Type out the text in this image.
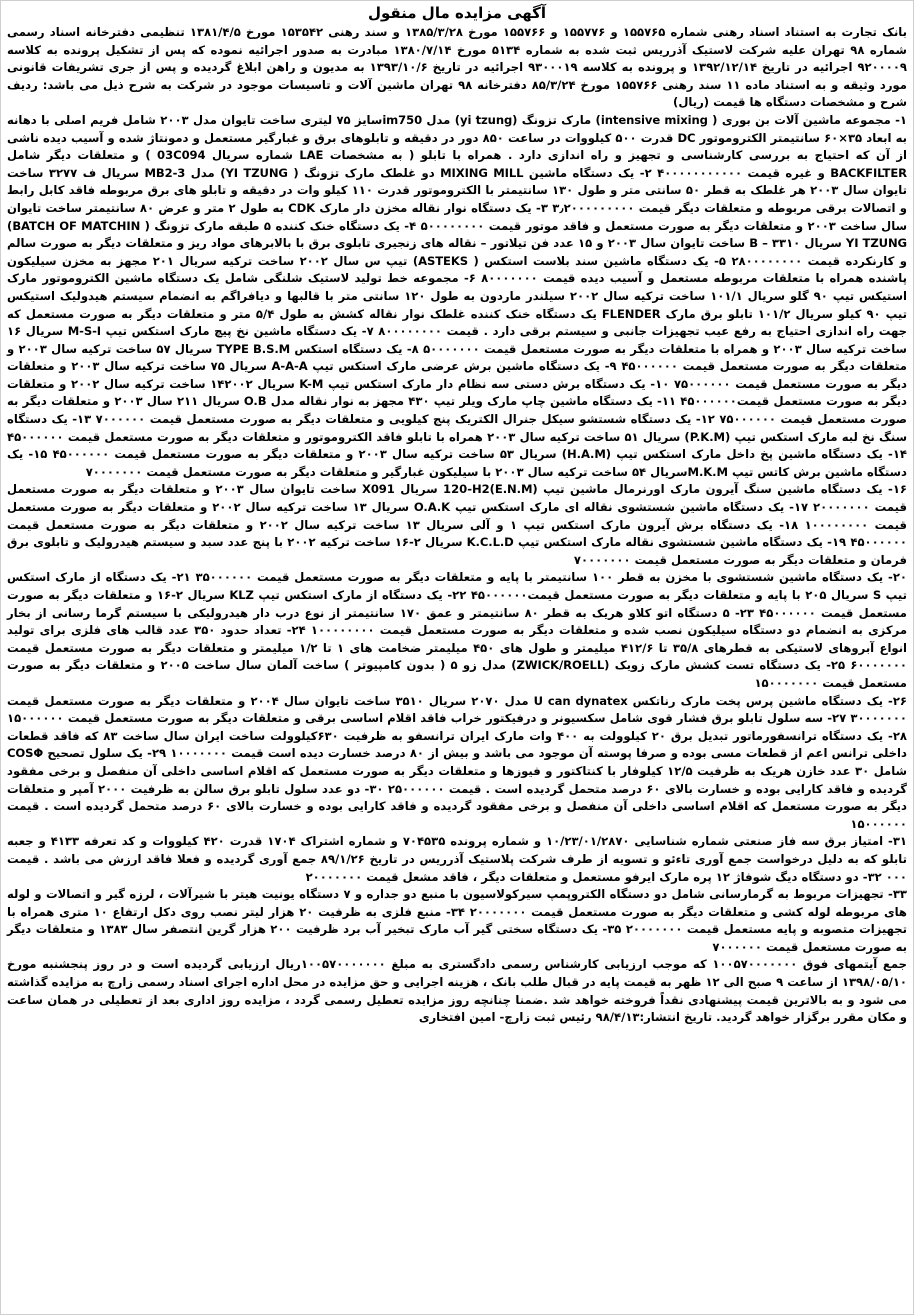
آگهی مزایده مال منقول

بانک تجارت به استناد اسناد رهنی شماره ۱۵۵۷۶۵ و ۱۵۵۷۷۶ و ۱۵۵۷۶۶ مورخ ۱۳۸۵/۳/۲۸ و سند رهنی ۱۵۳۵۴۲ مورخ ۱۳۸۱/۴/۵ تنظیمی دفترخانه اسناد رسمی شماره ۹۸ تهران علیه شرکت لاستیک آذرریس ثبت شده به شماره ۵۱۳۴ مورخ ۱۳۸۰/۷/۱۴ مبادرت به صدور اجرائیه نموده که پس از تشکیل پرونده به کلاسه ۹۲۰۰۰۰۹ اجرائیه در تاریخ ۱۳۹۲/۱۲/۱۴ و پرونده به کلاسه ۹۳۰۰۰۱۹ اجرائیه در تاریخ ۱۳۹۳/۱۰/۶ به مدیون و راهن ابلاغ گردیده و پس از جری تشریفات قانونی مورد وثیقه و به استناد ماده ۱۱ سند رهنی ۱۵۵۷۶۶ مورخ ۸۵/۳/۲۴ دفترخانه ۹۸ تهران ماشین آلات و تاسیسات موجود در شرکت به شرح ذیل می باشد: ردیف شرح و مشخصات دستگاه ها قیمت (ریال)

۱- مجموعه ماشین آلات بن بوری ( intensive mixing) مارک تزونگ (yi tzung) مدل im750سایز ۷۵ لیتری ساخت تایوان مدل ۲۰۰۳ شامل فریم اصلی با دهانه به ابعاد ۳۵×۶۰ سانتیمتر الکتروموتور DC قدرت ۵۰۰ کیلووات در ساعت ۸۵۰ دور در دقیقه و تابلوهای برق و غبارگیر مستعمل و دمونتاژ شده و آسیب دیده ناشی از آن که احتیاج به بررسی کارشناسی و تجهیز و راه اندازی دارد . همراه با تابلو ( به مشخصات LAE شماره سریال 03C094 ) و متعلقات دیگر شامل BACKFILTER و غیره قیمت ۴۰۰۰۰۰۰۰۰۰۰۰ ۲- یک دستگاه ماشین MIXING MILL دو غلطک مارک تزونگ ( YI TZUNG) مدل MB2-3 سریال ف ۳۲۷۷ ساخت تایوان سال ۲۰۰۳ هر غلطک به قطر ۵۰ سانتی متر و طول ۱۳۰ سانتیمتر با الکتروموتور قدرت ۱۱۰ کیلو وات در دقیقه و تابلو های برق مربوطه فاقد کابل رابط و اتصالات برقی مربوطه و متعلقات دیگر قیمت ۳٫۲۰۰۰۰۰۰۰۰۰ ۳- یک دستگاه نوار نقاله مخزن دار مارک CDK به طول ۲ متر و عرض ۸۰ سانتیمتر ساخت تایوان سال ساخت ۲۰۰۳ و متعلقات دیگر به صورت مستعمل و فاقد موتور قیمت ۵۰۰۰۰۰۰۰۰ ۴- یک دستگاه خنک کننده ۵ طبقه مارک تزونگ ( BATCH OF MATCHIN) YI TZUNG سریال B – ۳۳۱۰ ساخت تایوان سال ۲۰۰۳ و ۱۵ عدد فن تیلاتور – نقاله های زنجیری تابلوی برق با بالابرهای مواد ریز و متعلقات دیگر به صورت سالم و کارنکرده قیمت ۲۸۰۰۰۰۰۰۰۰ ۵- یک دستگاه ماشین سند بلاست استکس ( ASTEKS) تیپ س سال ۲۰۰۲ ساخت ترکیه سریال ۲۰۱ مجهز به مخزن سیلیکون پاشنده همراه با متعلقات مربوطه مستعمل و آسیب دیده قیمت ۸۰۰۰۰۰۰۰ ۶- مجموعه خط تولید لاستیک شلنگی شامل یک دستگاه ماشین الکتروموتور مارک استیکس تیپ ۹۰ گلو سریال ۱۰۱/۱ ساخت ترکیه سال ۲۰۰۲ سیلندر ماردون به طول ۱۲۰ سانتی متر با قالبها و دیافراگم به انضمام سیستم هیدولیک استیکس تیپ ۹۰ کیلو سریال ۱۰۱/۲ تابلو برق مارک FLENDER یک دستگاه خنک کننده غلطک نوار نقاله کشش به طول ۵/۴ متر و متعلقات دیگر به صورت مستعمل که جهت راه اندازی احتیاج به رفع عیب تجهیزات جانبی و سیستم برقی دارد . قیمت ۸۰۰۰۰۰۰۰۰ ۷- یک دستگاه ماشین نخ پیچ مارک استکس تیپ M-S-I سریال ۱۶ ساخت ترکیه سال ۲۰۰۳ و همراه با متعلقات دیگر به صورت مستعمل قیمت ۵۰۰۰۰۰۰۰ ۸- یک دستگاه استکس TYPE B.S.M سریال ۵۷ ساخت ترکیه سال ۲۰۰۳ و متعلقات دیگر به صورت مستعمل قیمت ۴۵۰۰۰۰۰۰ ۹- یک دستگاه ماشین برش عرضی مارک استکس تیپ A-A-A سریال ۷۵ ساخت ترکیه سال ۲۰۰۳ و متعلقات دیگر به صورت مستعمل قیمت ۷۵۰۰۰۰۰۰ ۱۰- یک دستگاه برش دستی سه نظام دار مارک استکس تیپ K-M سریال ۱۴۲۰۰۲ ساخت ترکیه سال ۲۰۰۲ و متعلقات دیگر به صورت مستعمل قیمت۴۵۰۰۰۰۰۰ ۱۱- یک دستگاه ماشین چاپ مارک ویلر تیپ ۴۳۰ مجهز به نوار نقاله مدل O.B سریال ۲۱۱ سال ۲۰۰۳ و متعلقات دیگر به صورت مستعمل قیمت ۷۵۰۰۰۰۰۰ ۱۲- یک دستگاه شستشو سیکل جنرال الکتریک پنج کیلویی و متعلقات دیگر به صورت مستعمل قیمت ۷۰۰۰۰۰۰ ۱۳- یک دستگاه سنگ نخ لبه مارک استکس تیپ (P.K.M) سریال ۵۱ ساخت ترکیه سال ۲۰۰۳ همراه با تابلو فاقد الکتروموتور و متعلقات دیگر به صورت مستعمل قیمت ۴۵۰۰۰۰۰۰ ۱۴- یک دستگاه ماشین پخ داخل مارک استکس تیپ (H.A.M) سریال ۵۳ ساخت ترکیه سال ۲۰۰۳ و متعلقات دیگر به صورت مستعمل قیمت ۴۵۰۰۰۰۰۰ ۱۵- یک دستگاه ماشین برش کاتس تیپ M.K.Mسریال ۵۴ ساخت ترکیه سال ۲۰۰۳ با سیلیکون غبارگیر و متعلقات دیگر به صورت مستعمل قیمت ۷۰۰۰۰۰۰۰

۱۶- یک دستگاه ماشین سنگ آیرون مارک اورنرمال ماشین تیپ (E.N.M)120-H2 سریال X091 ساخت تایوان سال ۲۰۰۳ و متعلقات دیگر به صورت مستعمل قیمت ۲۰۰۰۰۰۰۰ ۱۷- یک دستگاه ماشین شستشوی نقاله ای مارک استکس تیپ O.A.K سریال ۱۳ ساخت ترکیه سال ۲۰۰۲ و متعلقات دیگر به صورت مستعمل قیمت ۱۰۰۰۰۰۰۰۰ ۱۸- یک دستگاه برش آیرون مارک استکس تیپ ۱ و آلی سریال ۱۳ ساخت ترکیه سال ۲۰۰۲ و متعلقات دیگر به صورت مستعمل قیمت ۴۵۰۰۰۰۰۰ ۱۹- یک دستگاه ماشین شستشوی نقاله مارک استکس تیپ K.C.L.D سریال ۲-۱۶ ساخت ترکیه ۲۰۰۲ با پنج عدد سبد و سیستم هیدرولیک و تابلوی برق فرمان و متعلقات دیگر به صورت مستعمل قیمت ۷۰۰۰۰۰۰۰

۲۰- یک دستگاه ماشین شستشوی با مخزن به قطر ۱۰۰ سانتیمتر با پایه و متعلقات دیگر به صورت مستعمل قیمت ۳۵۰۰۰۰۰۰ ۲۱- یک دستگاه از مارک استکس تیپ S سریال ۲۰۵ با پایه و متعلقات دیگر به صورت مستعمل قیمت۴۵۰۰۰۰۰۰ ۲۲- یک دستگاه از مارک استکس تیپ KLZ سریال ۲-۱۶ و متعلقات دیگر به صورت مستعمل قیمت ۴۵۰۰۰۰۰۰ ۲۳- ۵ دستگاه اتو کلاو هریک به قطر ۸۰ سانتیمتر و عمق ۱۷۰ سانتیمتر از نوع درب دار هیدرولیکی با سیستم گرما رسانی از بخار مرکزی به انضمام دو دستگاه سیلیکون نصب شده و متعلقات دیگر به صورت مستعمل قیمت ۱۰۰۰۰۰۰۰۰ ۲۴- تعداد حدود ۳۵۰ عدد قالب های فلزی برای تولید انواع آبروهای لاستیکی به قطرهای ۳۵/۸ تا ۴۱۲/۶ میلیمتر و طول های ۴۵۰ میلیمتر ضخامت های ۱ تا ۱/۲ میلیمتر و متعلقات دیگر به صورت مستعمل قیمت ۶۰۰۰۰۰۰۰ ۲۵- یک دستگاه تست کشش مارک زویک (ZWICK/ROELL) مدل زو ۵ ( بدون کامپیوتر ) ساخت آلمان سال ساخت ۲۰۰۵ و متعلقات دیگر به صورت مستعمل قیمت ۱۵۰۰۰۰۰۰۰

۲۶- یک دستگاه ماشین پرس پخت مارک رناتکس U can dynatex مدل ۲۰۷۰ سریال ۳۵۱۰ ساخت تایوان سال ۲۰۰۴ و متعلقات دیگر به صورت مستعمل قیمت ۳۰۰۰۰۰۰۰ ۲۷- سه سلول تابلو برق فشار قوی شامل سکسیونر و درفیکتور خراب فاقد اقلام اساسی برقی و متعلقات دیگر به صورت مستعمل قیمت ۱۵۰۰۰۰۰۰ ۲۸- یک دستگاه ترانسفورماتور تبدیل برق ۲۰ کیلوولت به ۴۰۰ وات مارک ایران ترانسفو به ظرفیت ۶۳۰کیلوولت ساخت ایران سال ساخت ۸۳ که فاقد قطعات داخلی ترانس اعم از قطعات مسی بوده و صرفا پوسته آن موجود می باشد و بیش از ۸۰ درصد خسارت دیده است قیمت ۱۰۰۰۰۰۰۰ ۲۹- یک سلول تصحیح COSΦ شامل ۳۰ عدد خازن هریک به ظرفیت ۱۲/۵ کیلوفار با کنتاکتور و فیوزها و متعلقات دیگر به صورت مستعمل که اقلام اساسی داخلی آن منفصل و برخی مفقود گردیده و فاقد کارایی بوده و خسارت بالای ۶۰ درصد متحمل گردیده است . قیمت ۲۵۰۰۰۰۰۰ ۳۰- دو عدد سلول تابلو برق سالن به ظرفیت ۲۰۰۰ آمپر و متعلقات دیگر به صورت مستعمل که اقلام اساسی داخلی آن منفصل و برخی مفقود گردیده و فاقد کارایی بوده و خسارت بالای ۶۰ درصد متحمل گردیده است . قیمت ۱۵۰۰۰۰۰۰

۳۱- امتیاز برق سه فاز صنعتی شماره شناسایی ۱۰/۲۳/۰۱/۲۸۷۰ و شماره پرونده ۷۰۴۵۳۵ و شماره اشتراک ۱۷۰۴ قدرت ۴۲۰ کیلووات و کد تعرفه ۴۱۳۳ و جعبه تابلو که به دلیل درخواست جمع آوری تاءئو و تسویه از طرف شرکت پلاستیک آذرریس در تاریخ ۸۹/۱/۲۶ جمع آوری گردیده و فعلا فاقد ارزش می باشد . قیمت ۰۰۰ ۳۲- دو دستگاه دیگ شوفاژ ۱۲ پره مارک ایرفو مستعمل و متعلقات دیگر ، فاقد مشعل قیمت ۲۰۰۰۰۰۰۰

۳۳- تجهیزات مربوط به گرمارسانی شامل دو دستگاه الکتروپمپ سیرکولاسیون با منبع دو جداره و ۷ دستگاه یونیت هیتر با شیرآلات ، لرزه گیر و اتصالات و لوله های مربوطه لوله کشی و متعلقات دیگر به صورت مستعمل قیمت ۲۰۰۰۰۰۰۰ ۳۴- منبع فلزی به ظرفیت ۲۰ هزار لیتر نصب روی دکل ارتفاع ۱۰ متری همراه با تجهیزات متصوبه و پایه مستعمل قیمت ۲۰۰۰۰۰۰۰ ۳۵- یک دستگاه سختی گیر آب مارک تبخیر آب برد ظرفیت ۲۰۰ هزار گرین انتصفر سال ۱۳۸۳ و متعلقات دیگر به صورت مستعمل قیمت ۷۰۰۰۰۰۰

جمع آیتمهای فوق ۱۰۰۵۷۰۰۰۰۰۰۰ که موجب ارزیابی کارشناس رسمی دادگستری به مبلغ ۱۰۰۵۷۰۰۰۰۰۰۰ریال ارزیابی گردیده است و در روز پنجشنبه مورخ ۱۳۹۸/۰۵/۱۰ از ساعت ۹ صبح الی ۱۲ ظهر به قیمت پایه در قبال طلب بانک ، هزینه اجرایی و حق مزایده در محل اداره اجرای اسناد رسمی زارچ به مزایده گذاشته می شود و به بالاترین قیمت پیشنهادی نقداً فروخته خواهد شد .ضمنا چنانچه روز مزایده تعطیل رسمی گردد ، مزایده روز اداری بعد از تعطیلی در همان ساعت و مکان مقرر برگزار خواهد گردید. تاریخ انتشار:۹۸/۴/۱۳ رئیس ثبت زارچ- امین افتخاری
